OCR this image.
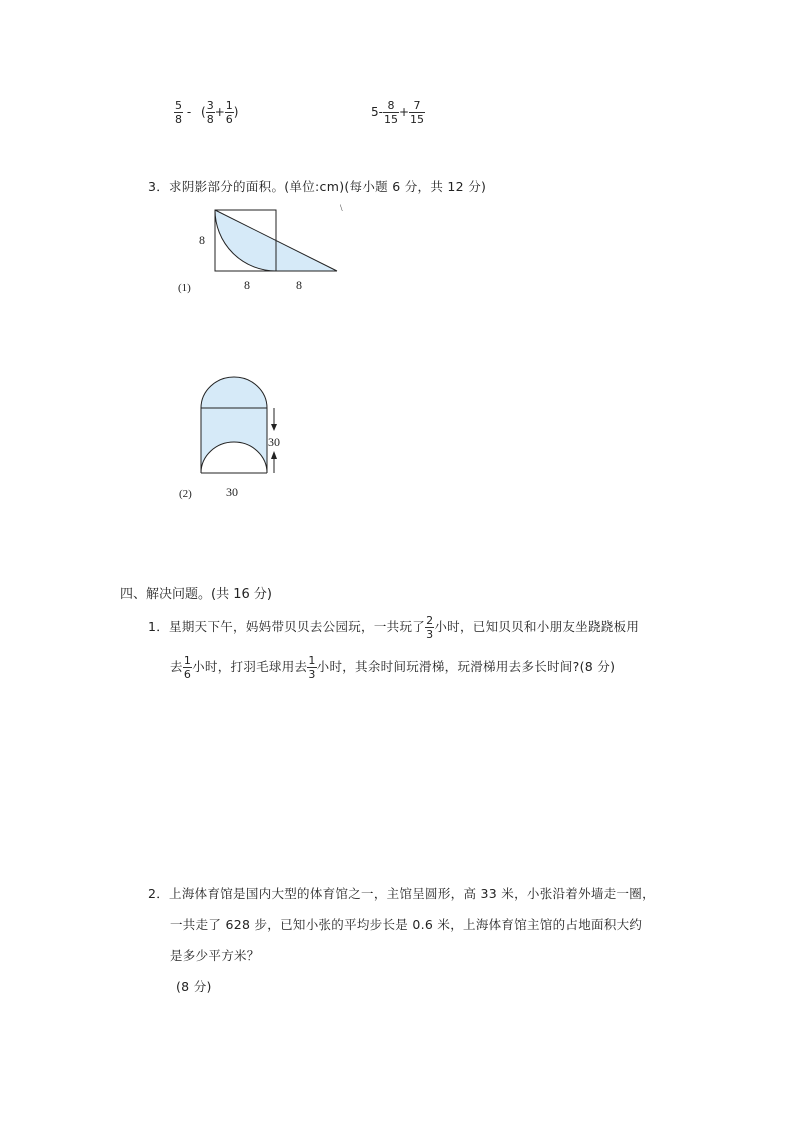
$\frac{5}{8}$ - ( $\frac{3}{8} + \frac{1}{6}$ )	$5- \frac{8}{15} + \frac{7}{15}$
3．求阴影部分的面积。(单位:cm)(每小题 6 分，共 12 分)
8
8	8
(1)
\
30
30
(2)
四、解决问题。(共 16 分)
1．星期天下午，妈妈带贝贝去公园玩，一共玩了 $\frac{2}{3}$ 小时，已知贝贝和小朋友坐跷跷板用
去 $\frac{1}{6}$ 小时，打羽毛球用去 $\frac{1}{3}$ 小时，其余时间玩滑梯，玩滑梯用去多长时间?(8 分)
2．上海体育馆是国内大型的体育馆之一，主馆呈圆形，高 33 米，小张沿着外墙走一圈，
一共走了 628 步，已知小张的平均步长是 0.6 米，上海体育馆主馆的占地面积大约
是多少平方米？
(8 分)
